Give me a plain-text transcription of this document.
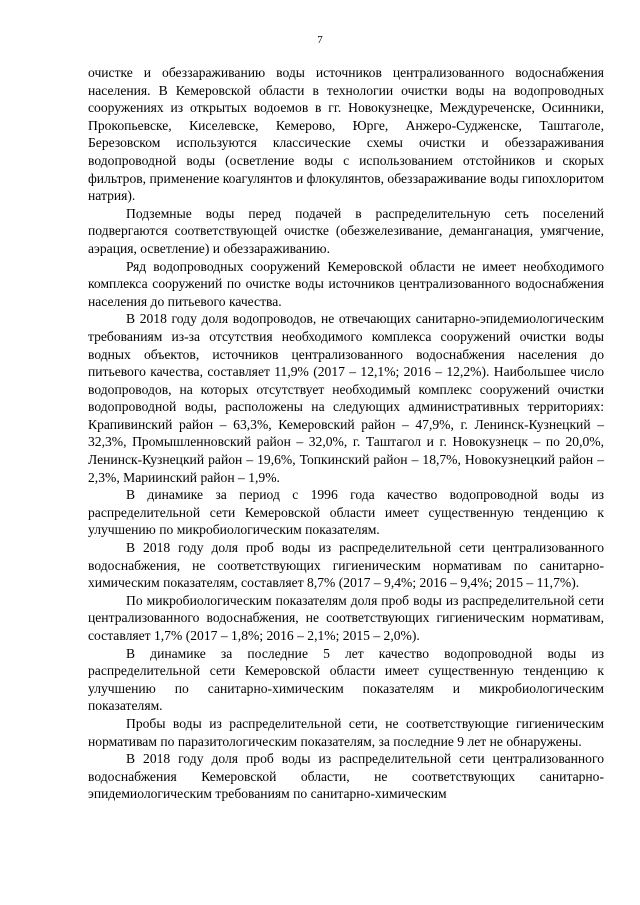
7

очистке и обеззараживанию воды источников централизованного водоснабжения населения. В Кемеровской области в технологии очистки воды на водопроводных сооружениях из открытых водоемов в гг. Новокузнецке, Междуреченске, Осинники, Прокопьевске, Киселевске, Кемерово, Юрге, Анжеро-Судженске, Таштаголе, Березовском используются классические схемы очистки и обеззараживания водопроводной воды (осветление воды с использованием отстойников и скорых фильтров, применение коагулянтов и флокулянтов, обеззараживание воды гипохлоритом натрия).

Подземные воды перед подачей в распределительную сеть поселений подвергаются соответствующей очистке (обезжелезивание, деманганация, умягчение, аэрация, осветление) и обеззараживанию.

Ряд водопроводных сооружений Кемеровской области не имеет необходимого комплекса сооружений по очистке воды источников централизованного водоснабжения населения до питьевого качества.

В 2018 году доля водопроводов, не отвечающих санитарно-эпидемиологическим требованиям из-за отсутствия необходимого комплекса сооружений очистки воды водных объектов, источников централизованного водоснабжения населения до питьевого качества, составляет 11,9% (2017 – 12,1%; 2016 – 12,2%). Наибольшее число водопроводов, на которых отсутствует необходимый комплекс сооружений очистки водопроводной воды, расположены на следующих административных территориях: Крапивинский район – 63,3%, Кемеровский район – 47,9%, г. Ленинск-Кузнецкий – 32,3%, Промышленновский район – 32,0%, г. Таштагол и г. Новокузнецк – по 20,0%, Ленинск-Кузнецкий район – 19,6%, Топкинский район – 18,7%, Новокузнецкий район – 2,3%, Мариинский район – 1,9%.

В динамике за период с 1996 года качество водопроводной воды из распределительной сети Кемеровской области имеет существенную тенденцию к улучшению по микробиологическим показателям.

В 2018 году доля проб воды из распределительной сети централизованного водоснабжения, не соответствующих гигиеническим нормативам по санитарно-химическим показателям, составляет 8,7% (2017 – 9,4%; 2016 – 9,4%; 2015 – 11,7%).

По микробиологическим показателям доля проб воды из распределительной сети централизованного водоснабжения, не соответствующих гигиеническим нормативам, составляет 1,7% (2017 – 1,8%; 2016 – 2,1%; 2015 – 2,0%).

В динамике за последние 5 лет качество водопроводной воды из распределительной сети Кемеровской области имеет существенную тенденцию к улучшению по санитарно-химическим показателям и микробиологическим показателям.

Пробы воды из распределительной сети, не соответствующие гигиеническим нормативам по паразитологическим показателям, за последние 9 лет не обнаружены.

В 2018 году доля проб воды из распределительной сети централизованного водоснабжения Кемеровской области, не соответствующих санитарно-эпидемиологическим требованиям по санитарно-химическим
